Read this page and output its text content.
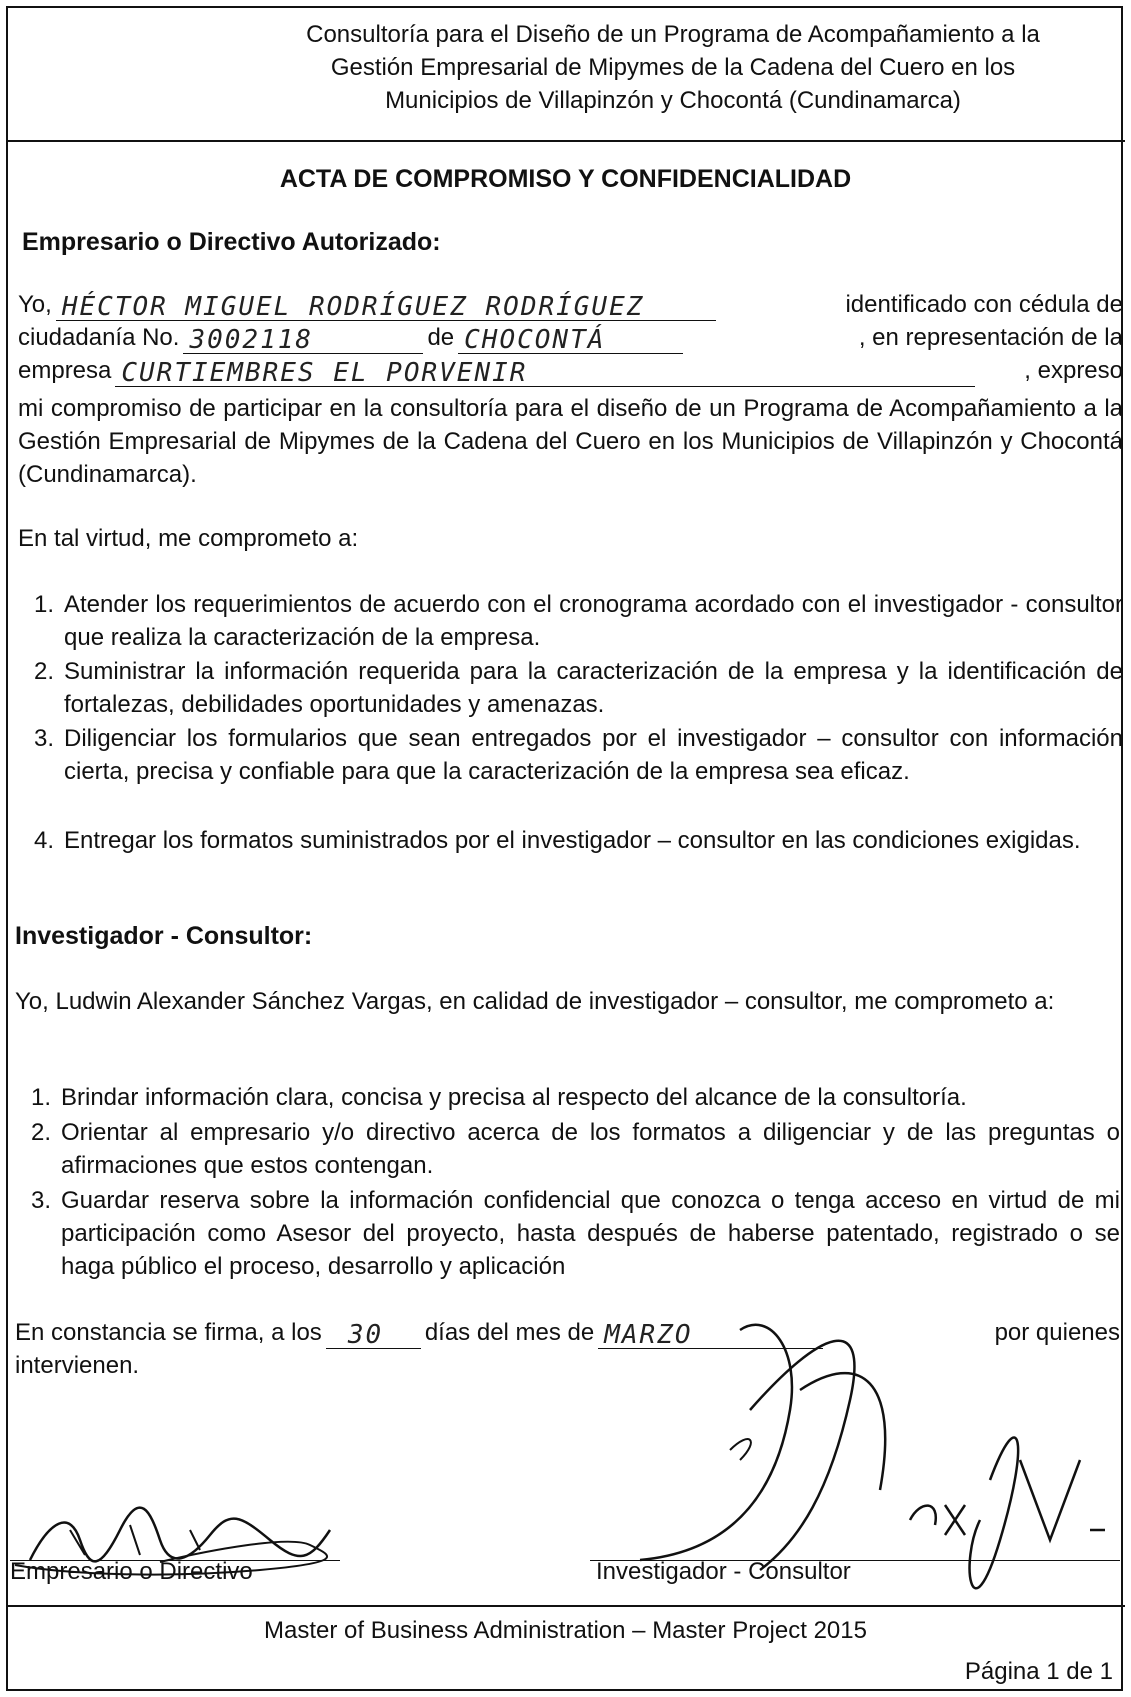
Consultoría para el Diseño de un Programa de Acompañamiento a la
Gestión Empresarial de Mipymes de la Cadena del Cuero en los
Municipios de Villapinzón y Chocontá (Cundinamarca)
ACTA DE COMPROMISO Y CONFIDENCIALIDAD
Empresario o Directivo Autorizado:
Yo, HÉCTOR MIGUEL RODRÍGUEZ RODRÍGUEZ	identificado con cédula de
ciudadanía No. 3002118	de CHOCONTÁ	, en representación de la
empresa CURTIEMBRES EL PORVENIR	, expreso
mi compromiso de participar en la consultoría para el diseño de un Programa de Acompañamiento a la Gestión Empresarial de Mipymes de la Cadena del Cuero en los Municipios de Villapinzón y Chocontá (Cundinamarca).
En tal virtud, me comprometo a:
1. Atender los requerimientos de acuerdo con el cronograma acordado con el investigador - consultor que realiza la caracterización de la empresa.
2. Suministrar la información requerida para la caracterización de la empresa y la identificación de fortalezas, debilidades oportunidades y amenazas.
3. Diligenciar los formularios que sean entregados por el investigador – consultor con información cierta, precisa y confiable para que la caracterización de la empresa sea eficaz.
4. Entregar los formatos suministrados por el investigador – consultor en las condiciones exigidas.
Investigador - Consultor:
Yo, Ludwin Alexander Sánchez Vargas, en calidad de investigador – consultor, me comprometo a:
1. Brindar información clara, concisa y precisa al respecto del alcance de la consultoría.
2. Orientar al empresario y/o directivo acerca de los formatos a diligenciar y de las preguntas o afirmaciones que estos contengan.
3. Guardar reserva sobre la información confidencial que conozca o tenga acceso en virtud de mi participación como Asesor del proyecto, hasta después de haberse patentado, registrado o se haga público el proceso, desarrollo y aplicación
En constancia se firma, a los 30 días del mes de MARZO	por quienes
intervienen.
Empresario o Directivo	Investigador - Consultor
Master of Business Administration – Master Project 2015
Página 1 de 1
